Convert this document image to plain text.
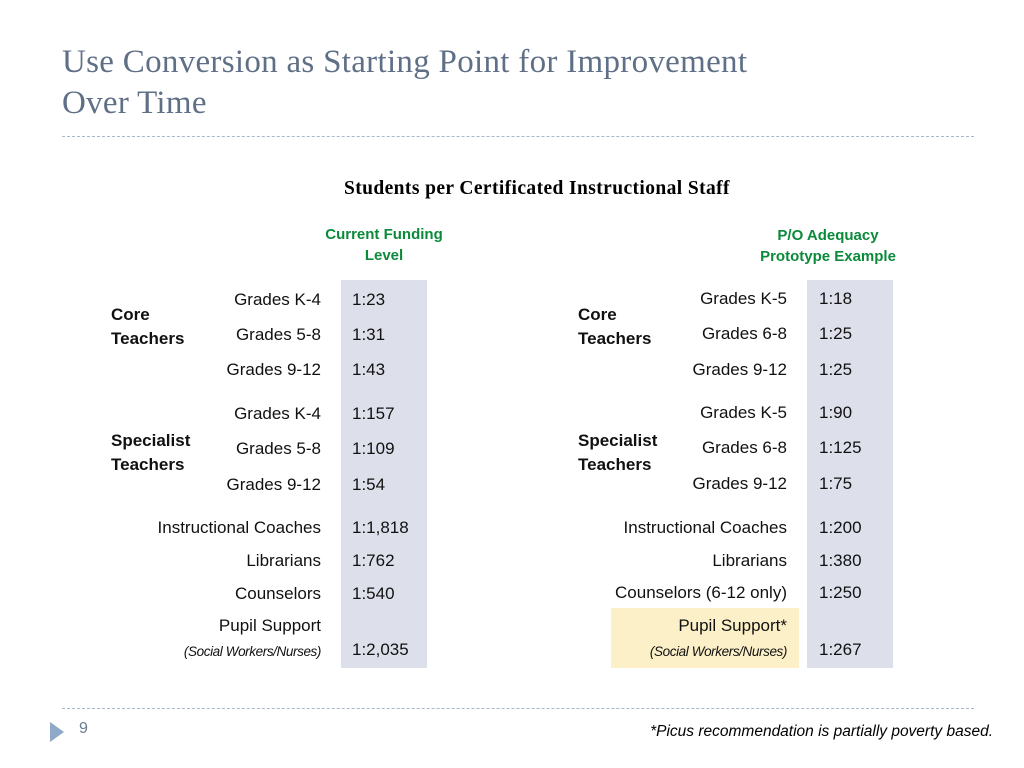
Use Conversion as Starting Point for Improvement
Over Time
Students per Certificated Instructional Staff
Current Funding
Level
P/O Adequacy
Prototype Example
Core
Teachers
Specialist
Teachers
Grades K-4 1:23
Grades 5-8 1:31
Grades 9-12 1:43
Grades K-4 1:157
Grades 5-8 1:109
Grades 9-12 1:54
Instructional Coaches 1:1,818
Librarians 1:762
Counselors 1:540
Pupil Support
(Social Workers/Nurses) 1:2,035
Core
Teachers
Specialist
Teachers
Grades K-5 1:18
Grades 6-8 1:25
Grades 9-12 1:25
Grades K-5 1:90
Grades 6-8 1:125
Grades 9-12 1:75
Instructional Coaches 1:200
Librarians 1:380
Counselors (6-12 only) 1:250
Pupil Support*
(Social Workers/Nurses) 1:267
9	*Picus recommendation is partially poverty based.
